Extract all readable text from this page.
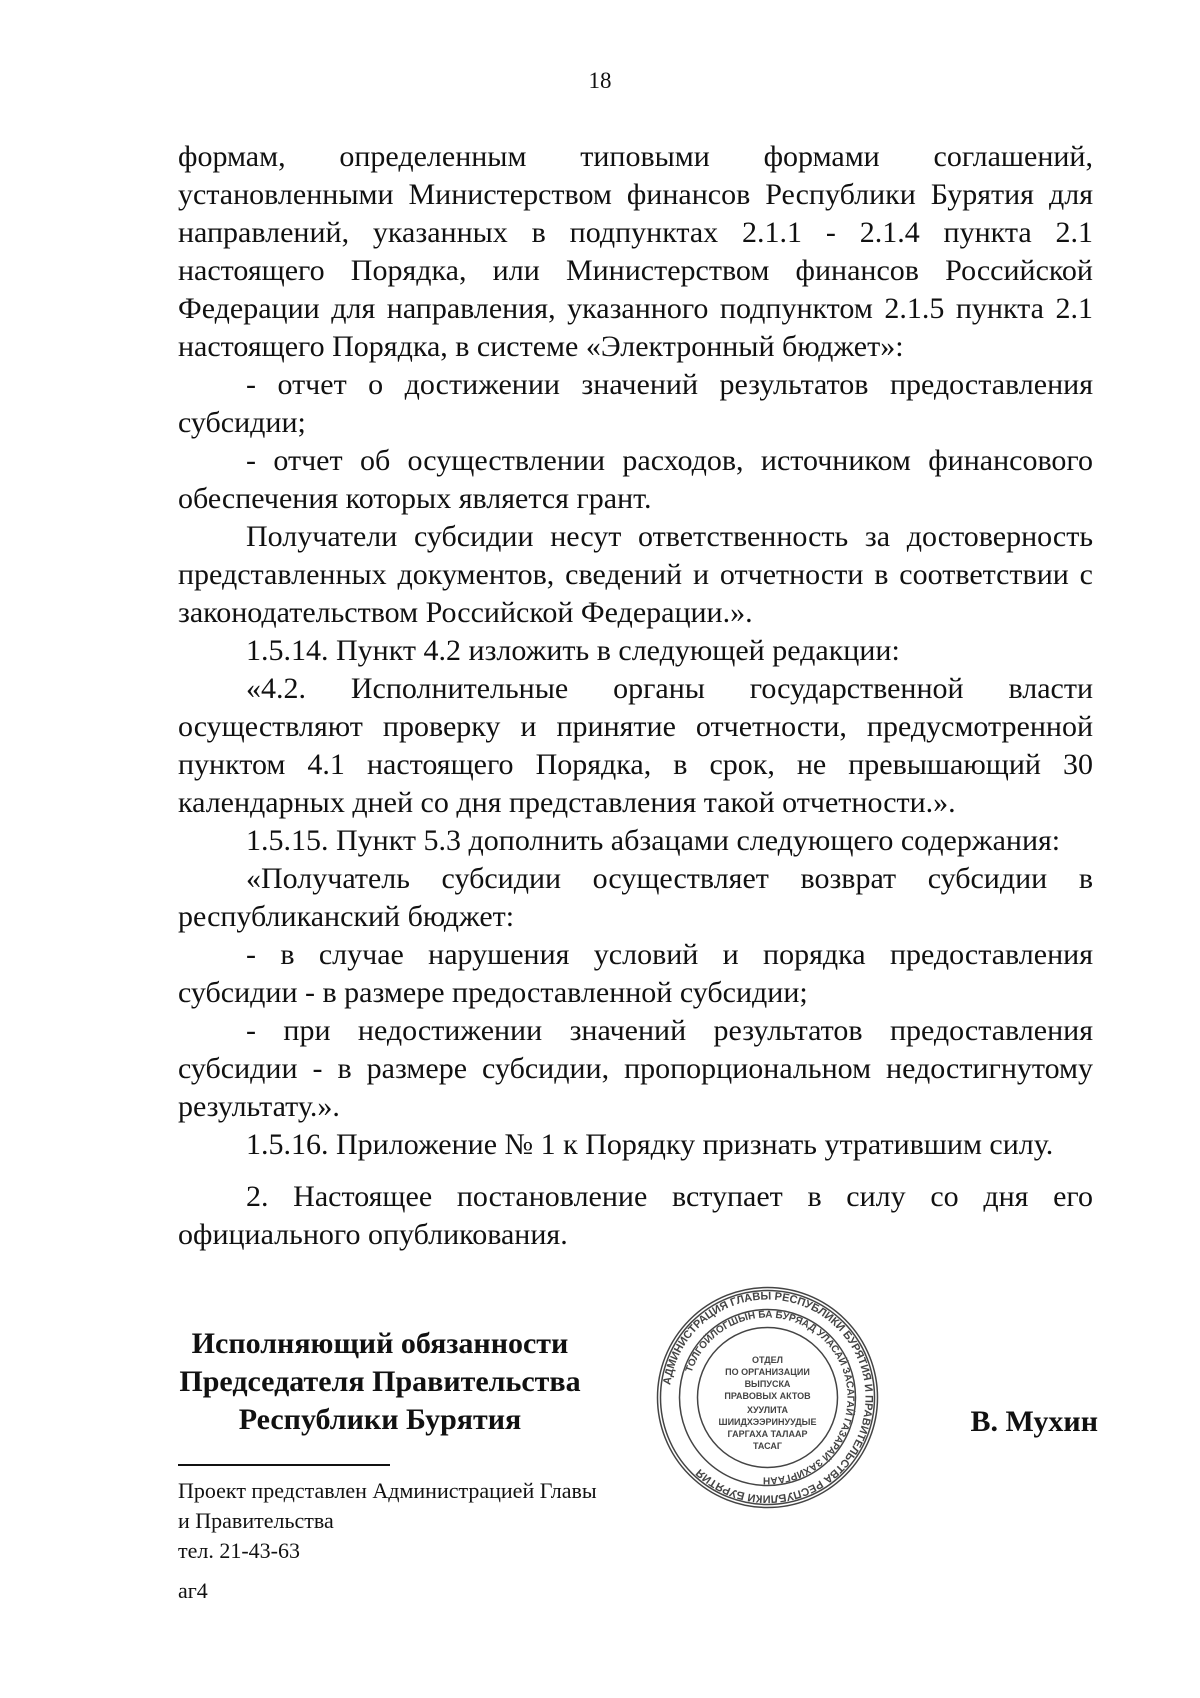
18

формам, определенным типовыми формами соглашений, установленными Министерством финансов Республики Бурятия для направлений, указанных в подпунктах 2.1.1 - 2.1.4 пункта 2.1 настоящего Порядка, или Министерством финансов Российской Федерации для направления, указанного подпунктом 2.1.5 пункта 2.1 настоящего Порядка, в системе «Электронный бюджет»:

- отчет о достижении значений результатов предоставления субсидии;

- отчет об осуществлении расходов, источником финансового обеспечения которых является грант.

Получатели субсидии несут ответственность за достоверность представленных документов, сведений и отчетности в соответствии с законодательством Российской Федерации.».

1.5.14. Пункт 4.2 изложить в следующей редакции:

«4.2. Исполнительные органы государственной власти осуществляют проверку и принятие отчетности, предусмотренной пунктом 4.1 настоящего Порядка, в срок, не превышающий 30 календарных дней со дня представления такой отчетности.».

1.5.15. Пункт 5.3 дополнить абзацами следующего содержания:

«Получатель субсидии осуществляет возврат субсидии в республиканский бюджет:

- в случае нарушения условий и порядка предоставления субсидии - в размере предоставленной субсидии;

- при недостижении значений результатов предоставления субсидии - в размере субсидии, пропорциональном недостигнутому результату.».

1.5.16. Приложение № 1 к Порядку признать утратившим силу.

2. Настоящее постановление вступает в силу со дня его официального опубликования.

Исполняющий обязанности
Председателя Правительства
Республики Бурятия
АДМИНИСТРАЦИЯ ГЛАВЫ РЕСПУБЛИКИ БУРЯТИЯ И ПРАВИТЕЛЬСТВА РЕСПУБЛИКИ БУРЯТИЯ
ТОЛГОЙЛОГШЫН БА БУРЯАД УЛАСАЙ ЗАСАГАЙ ГАЗАРАЙ ЗАХИРГААН
ОТДЕЛ
ПО ОРГАНИЗАЦИИ
ВЫПУСКА
ПРАВОВЫХ АКТОВ
ХУУЛИТА
ШИИДХЭЭРИНУУДЫЕ
ГАРГАХА ТАЛААР
ТАСАГ
В. Мухин
Проект представлен Администрацией Главы
и Правительства
тел. 21-43-63
аг4
